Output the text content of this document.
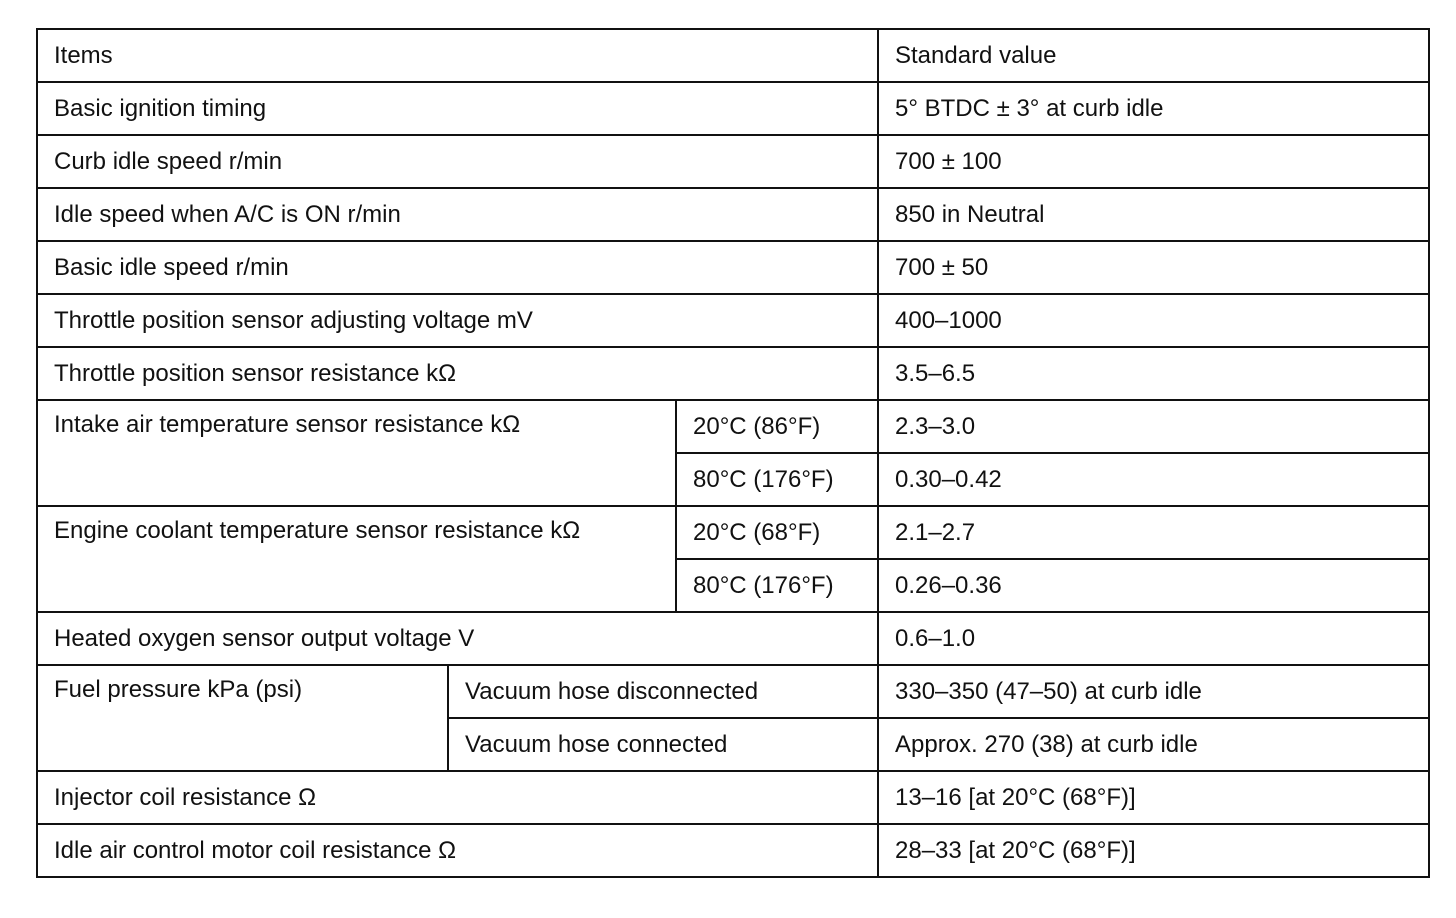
Items			Standard value
Basic ignition timing			5° BTDC ± 3° at curb idle
Curb idle speed r/min			700 ± 100
Idle speed when A/C is ON r/min			850 in Neutral
Basic idle speed r/min			700 ± 50
Throttle position sensor adjusting voltage mV			400–1000
Throttle position sensor resistance kΩ			3.5–6.5
Intake air temperature sensor resistance kΩ		20°C (86°F)	2.3–3.0
		80°C (176°F)	0.30–0.42
Engine coolant temperature sensor resistance kΩ		20°C (68°F)	2.1–2.7
		80°C (176°F)	0.26–0.36
Heated oxygen sensor output voltage V			0.6–1.0
Fuel pressure kPa (psi)	Vacuum hose disconnected		330–350 (47–50) at curb idle
	Vacuum hose connected		Approx. 270 (38) at curb idle
Injector coil resistance Ω			13–16 [at 20°C (68°F)]
Idle air control motor coil resistance Ω			28–33 [at 20°C (68°F)]
